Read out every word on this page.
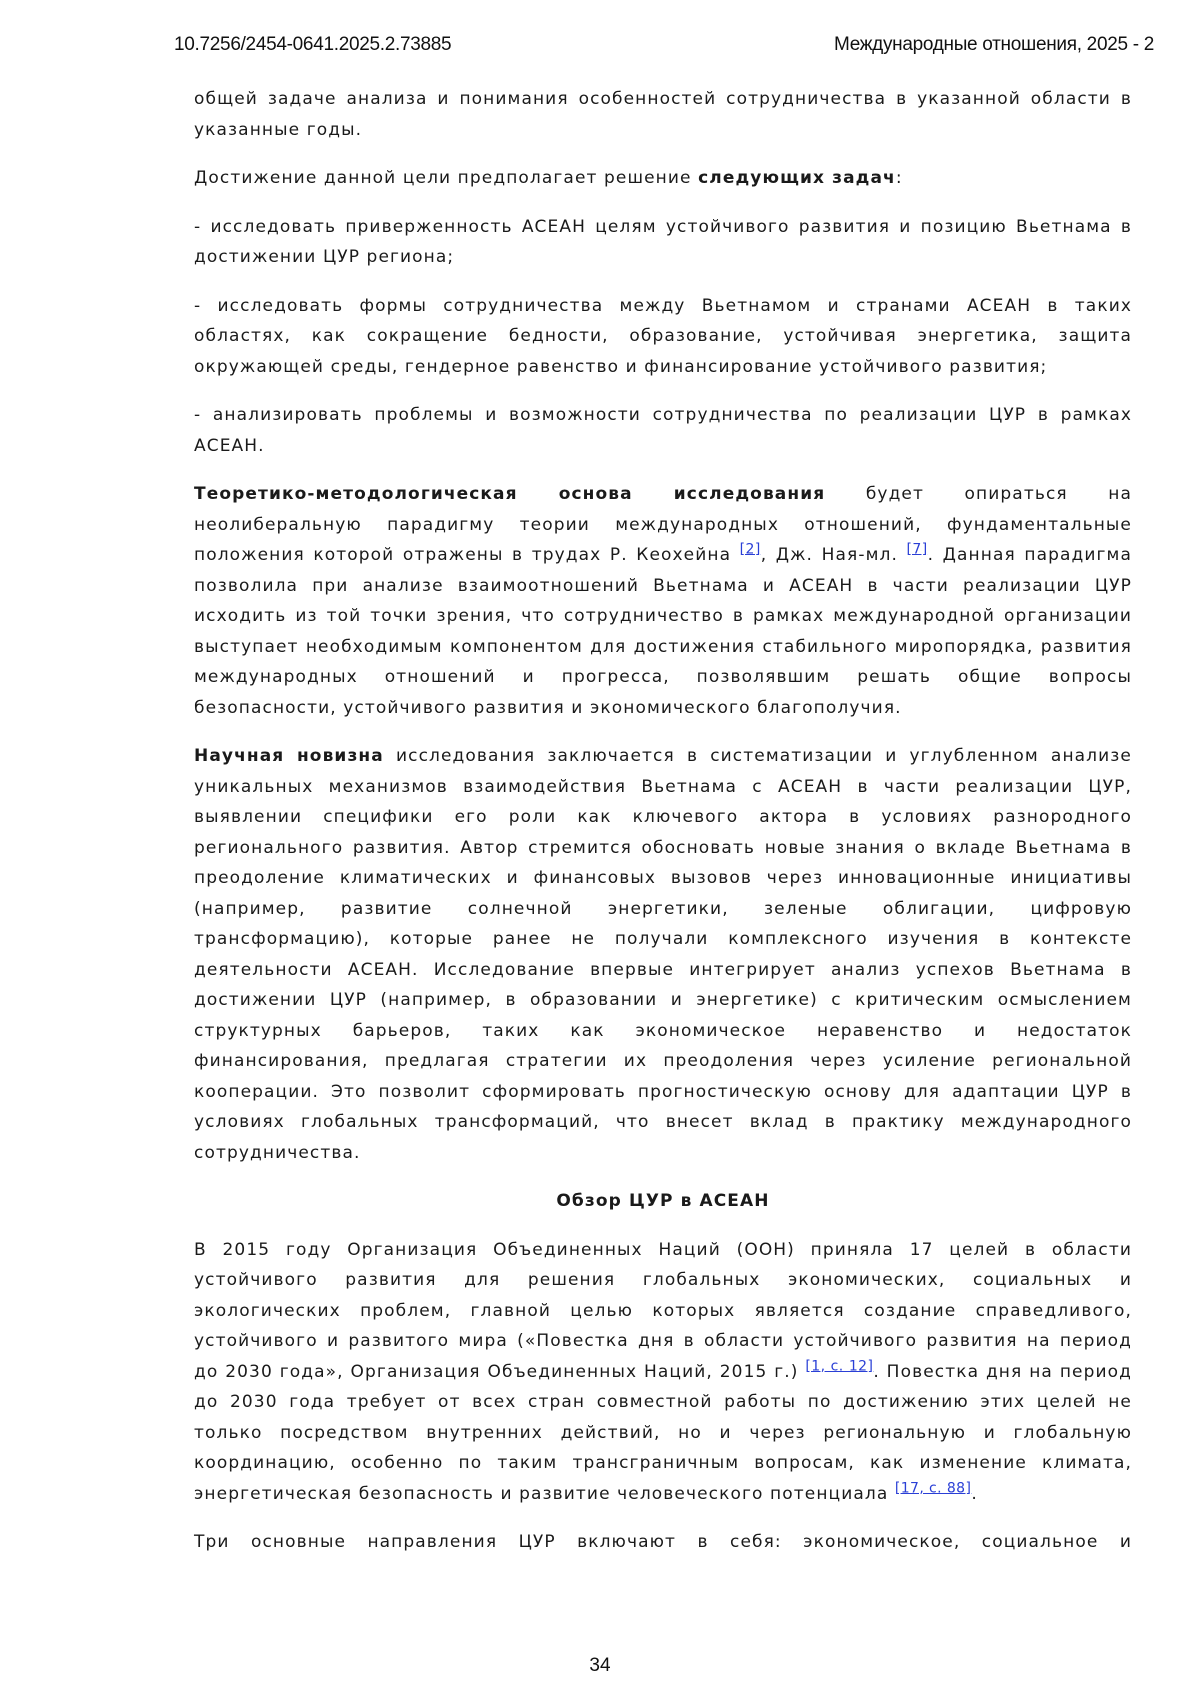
10.7256/2454-0641.2025.2.73885	Международные отношения, 2025 - 2

общей задаче анализа и понимания особенностей сотрудничества в указанной области в указанные годы.

Достижение данной цели предполагает решение следующих задач:

- исследовать приверженность АСЕАН целям устойчивого развития и позицию Вьетнама в достижении ЦУР региона;

- исследовать формы сотрудничества между Вьетнамом и странами АСЕАН в таких областях, как сокращение бедности, образование, устойчивая энергетика, защита окружающей среды, гендерное равенство и финансирование устойчивого развития;

- анализировать проблемы и возможности сотрудничества по реализации ЦУР в рамках АСЕАН.

Теоретико-методологическая основа исследования будет опираться на неолиберальную парадигму теории международных отношений, фундаментальные положения которой отражены в трудах Р. Кеохейна [2], Дж. Ная-мл. [7]. Данная парадигма позволила при анализе взаимоотношений Вьетнама и АСЕАН в части реализации ЦУР исходить из той точки зрения, что сотрудничество в рамках международной организации выступает необходимым компонентом для достижения стабильного миропорядка, развития международных отношений и прогресса, позволявшим решать общие вопросы безопасности, устойчивого развития и экономического благополучия.

Научная новизна исследования заключается в систематизации и углубленном анализе уникальных механизмов взаимодействия Вьетнама с АСЕАН в части реализации ЦУР, выявлении специфики его роли как ключевого актора в условиях разнородного регионального развития. Автор стремится обосновать новые знания о вкладе Вьетнама в преодоление климатических и финансовых вызовов через инновационные инициативы (например, развитие солнечной энергетики, зеленые облигации, цифровую трансформацию), которые ранее не получали комплексного изучения в контексте деятельности АСЕАН. Исследование впервые интегрирует анализ успехов Вьетнама в достижении ЦУР (например, в образовании и энергетике) с критическим осмыслением структурных барьеров, таких как экономическое неравенство и недостаток финансирования, предлагая стратегии их преодоления через усиление региональной кооперации. Это позволит сформировать прогностическую основу для адаптации ЦУР в условиях глобальных трансформаций, что внесет вклад в практику международного сотрудничества.

Обзор ЦУР в АСЕАН

В 2015 году Организация Объединенных Наций (ООН) приняла 17 целей в области устойчивого развития для решения глобальных экономических, социальных и экологических проблем, главной целью которых является создание справедливого, устойчивого и развитого мира («Повестка дня в области устойчивого развития на период до 2030 года», Организация Объединенных Наций, 2015 г.) [1, с. 12]. Повестка дня на период до 2030 года требует от всех стран совместной работы по достижению этих целей не только посредством внутренних действий, но и через региональную и глобальную координацию, особенно по таким трансграничным вопросам, как изменение климата, энергетическая безопасность и развитие человеческого потенциала [17, с. 88].

Три основные направления ЦУР включают в себя: экономическое, социальное и

34
